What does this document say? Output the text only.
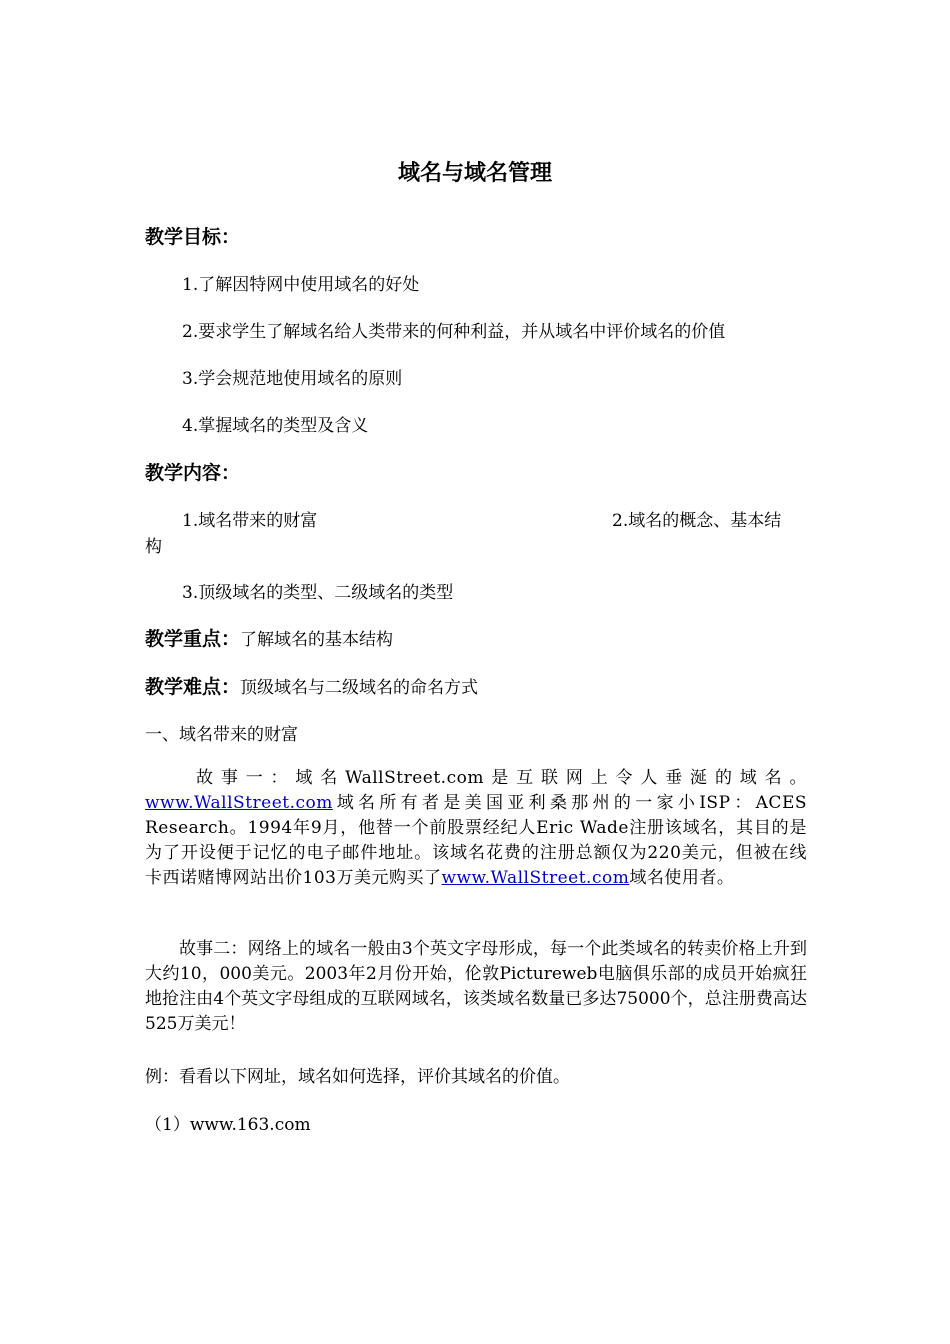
域名与域名管理
教学目标：
1.了解因特网中使用域名的好处
2.要求学生了解域名给人类带来的何种利益，并从域名中评价域名的价值
3.学会规范地使用域名的原则
4.掌握域名的类型及含义
教学内容：
1.域名带来的财富	2.域名的概念、基本结
构
3.顶级域名的类型、二级域名的类型
教学重点：了解域名的基本结构
教学难点：顶级域名与二级域名的命名方式
一、域名带来的财富
故事一：域名WallStreet.com是互联网上令人垂涎的域名。www.WallStreet.com域名所有者是美国亚利桑那州的一家小ISP：ACES Research。1994年9月，他替一个前股票经纪人Eric Wade注册该域名，其目的是为了开设便于记忆的电子邮件地址。该域名花费的注册总额仅为220美元，但被在线卡西诺赌博网站出价103万美元购买了www.WallStreet.com域名使用者。
故事二：网络上的域名一般由3个英文字母形成，每一个此类域名的转卖价格上升到大约10，000美元。2003年2月份开始，伦敦Pictureweb电脑俱乐部的成员开始疯狂地抢注由4个英文字母组成的互联网域名，该类域名数量已多达75000个，总注册费高达525万美元！
例：看看以下网址，域名如何选择，评价其域名的价值。
（1）www.163.com
